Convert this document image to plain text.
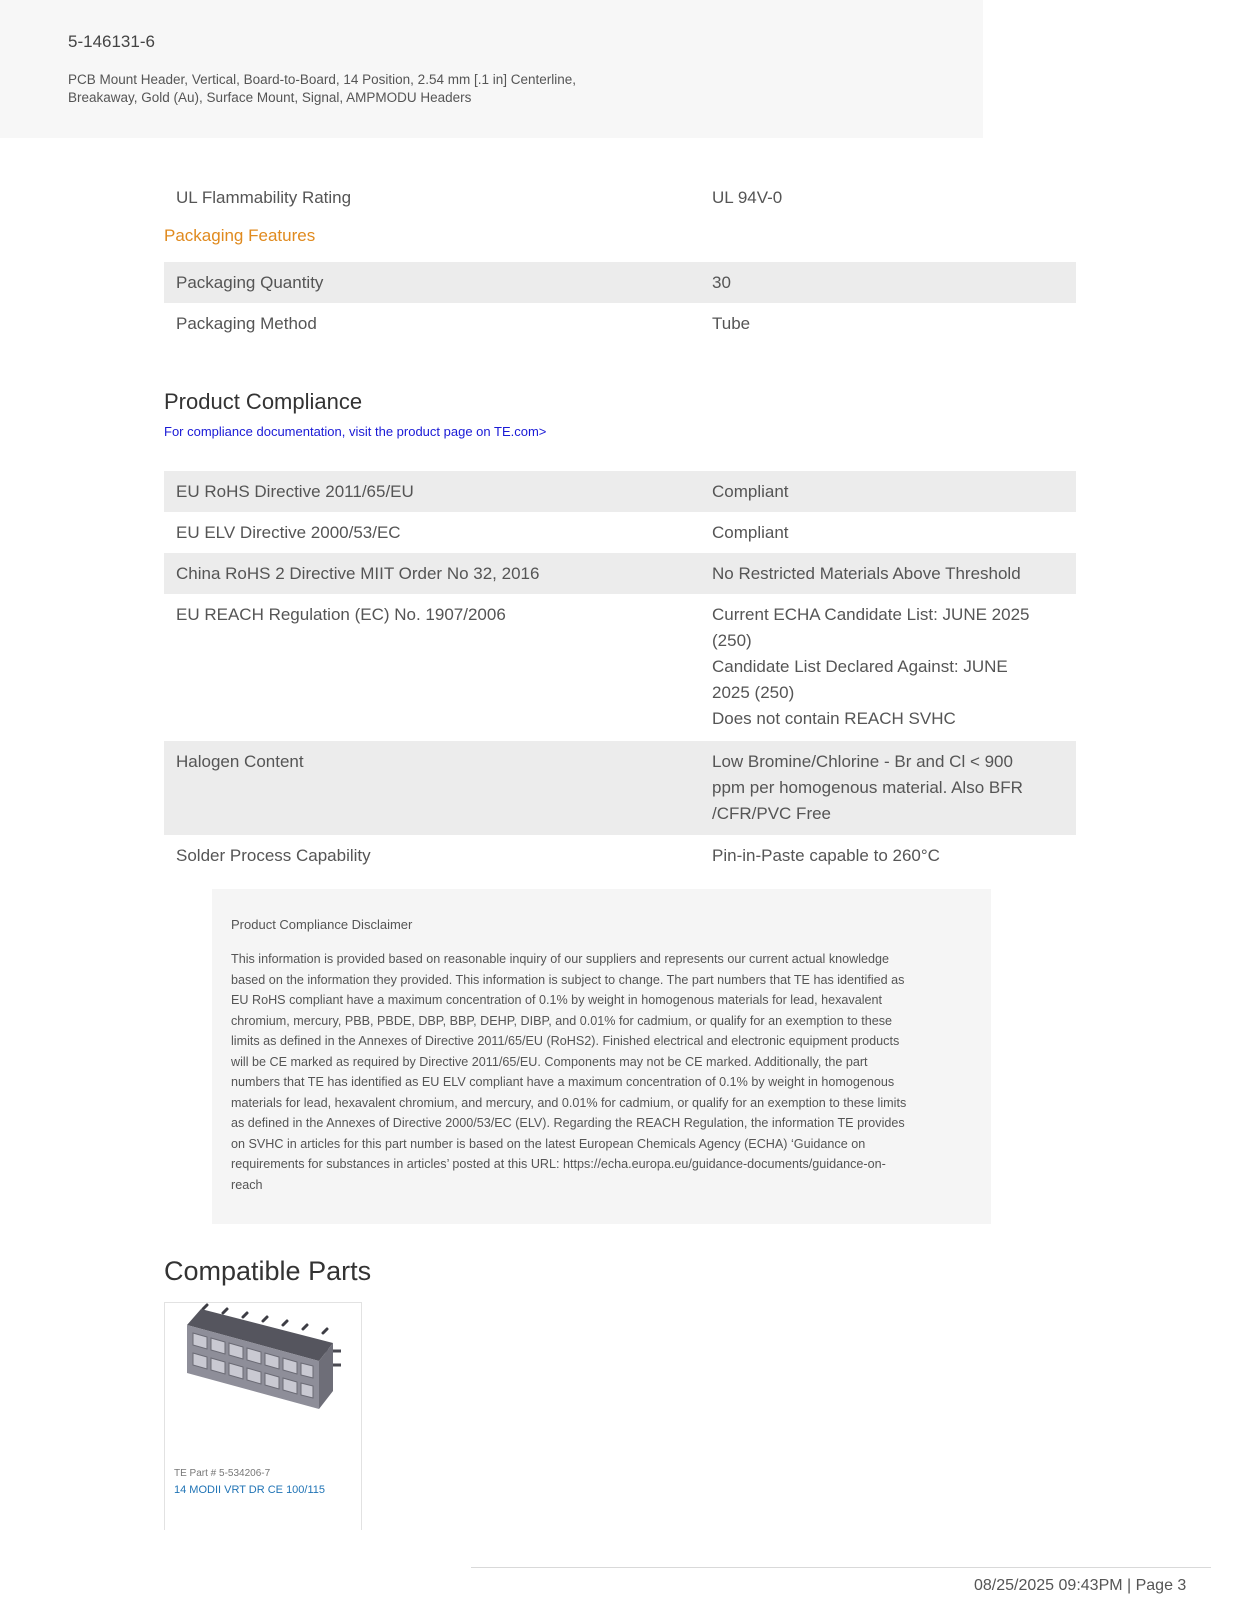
5-146131-6
PCB Mount Header, Vertical, Board-to-Board, 14 Position, 2.54 mm [.1 in] Centerline,
Breakaway, Gold (Au), Surface Mount, Signal, AMPMODU Headers
UL Flammability Rating	UL 94V-0
Packaging Features
Packaging Quantity	30
Packaging Method	Tube
Product Compliance
For compliance documentation, visit the product page on TE.com>
EU RoHS Directive 2011/65/EU	Compliant
EU ELV Directive 2000/53/EC	Compliant
China RoHS 2 Directive MIIT Order No 32, 2016	No Restricted Materials Above Threshold
EU REACH Regulation (EC) No. 1907/2006	Current ECHA Candidate List: JUNE 2025
(250)
Candidate List Declared Against: JUNE
2025 (250)
Does not contain REACH SVHC
Halogen Content	Low Bromine/Chlorine - Br and Cl < 900
ppm per homogenous material. Also BFR
/CFR/PVC Free
Solder Process Capability	Pin-in-Paste capable to 260°C
Product Compliance Disclaimer
This information is provided based on reasonable inquiry of our suppliers and represents our current actual knowledge
based on the information they provided. This information is subject to change. The part numbers that TE has identified as
EU RoHS compliant have a maximum concentration of 0.1% by weight in homogenous materials for lead, hexavalent
chromium, mercury, PBB, PBDE, DBP, BBP, DEHP, DIBP, and 0.01% for cadmium, or qualify for an exemption to these
limits as defined in the Annexes of Directive 2011/65/EU (RoHS2). Finished electrical and electronic equipment products
will be CE marked as required by Directive 2011/65/EU. Components may not be CE marked. Additionally, the part
numbers that TE has identified as EU ELV compliant have a maximum concentration of 0.1% by weight in homogenous
materials for lead, hexavalent chromium, and mercury, and 0.01% for cadmium, or qualify for an exemption to these limits
as defined in the Annexes of Directive 2000/53/EC (ELV). Regarding the REACH Regulation, the information TE provides
on SVHC in articles for this part number is based on the latest European Chemicals Agency (ECHA) ‘Guidance on
requirements for substances in articles’ posted at this URL: https://echa.europa.eu/guidance-documents/guidance-on-
reach
Compatible Parts
TE Part # 5-534206-7
14 MODII VRT DR CE 100/115
08/25/2025 09:43PM | Page 3
